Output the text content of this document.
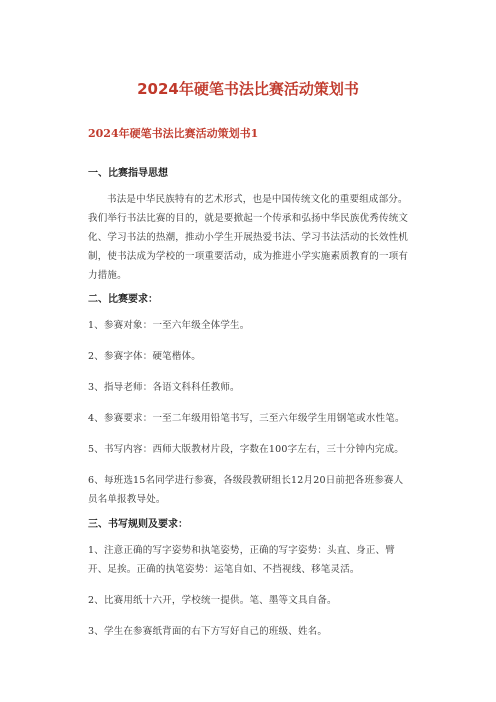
2024年硬笔书法比赛活动策划书
2024年硬笔书法比赛活动策划书1
一、比赛指导思想
书法是中华民族特有的艺术形式，也是中国传统文化的重要组成部分。我们举行书法比赛的目的，就是要掀起一个传承和弘扬中华民族优秀传统文化、学习书法的热潮，推动小学生开展热爱书法、学习书法活动的长效性机制，使书法成为学校的一项重要活动，成为推进小学实施素质教育的一项有力措施。
二、比赛要求：
1、参赛对象：一至六年级全体学生。
2、参赛字体：硬笔楷体。
3、指导老师：各语文科科任教师。
4、参赛要求：一至二年级用铅笔书写，三至六年级学生用钢笔或水性笔。
5、书写内容：西师大版教材片段，字数在100字左右，三十分钟内完成。
6、每班选15名同学进行参赛，各级段教研组长12月20日前把各班参赛人员名单报教导处。
三、书写规则及要求：
1、注意正确的写字姿势和执笔姿势，正确的写字姿势：头直、身正、臂开、足挨。正确的执笔姿势：运笔自如、不挡视线、移笔灵活。
2、比赛用纸十六开，学校统一提供。笔、墨等文具自备。
3、学生在参赛纸背面的右下方写好自己的班级、姓名。
